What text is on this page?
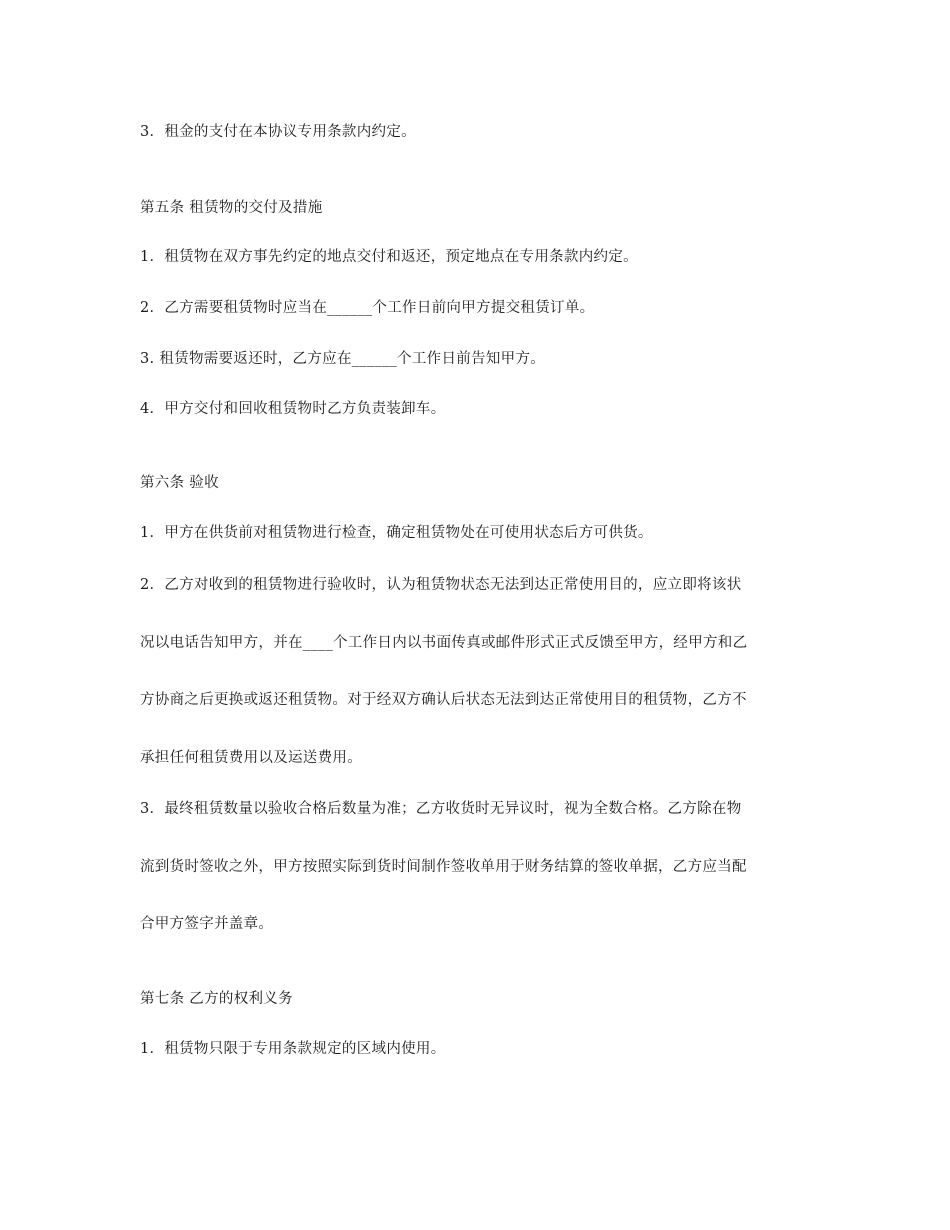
3．租金的支付在本协议专用条款内约定。
第五条 租赁物的交付及措施
1．租赁物在双方事先约定的地点交付和返还，预定地点在专用条款内约定。
2．乙方需要租赁物时应当在______个工作日前向甲方提交租赁订单。
3. 租赁物需要返还时，乙方应在______个工作日前告知甲方。
4．甲方交付和回收租赁物时乙方负责装卸车。
第六条 验收
1．甲方在供货前对租赁物进行检查，确定租赁物处在可使用状态后方可供货。
2．乙方对收到的租赁物进行验收时，认为租赁物状态无法到达正常使用目的，应立即将该状
况以电话告知甲方，并在____个工作日内以书面传真或邮件形式正式反馈至甲方，经甲方和乙
方协商之后更换或返还租赁物。对于经双方确认后状态无法到达正常使用目的租赁物，乙方不
承担任何租赁费用以及运送费用。
3．最终租赁数量以验收合格后数量为准；乙方收货时无异议时，视为全数合格。乙方除在物
流到货时签收之外，甲方按照实际到货时间制作签收单用于财务结算的签收单据，乙方应当配
合甲方签字并盖章。
第七条 乙方的权利义务
1．租赁物只限于专用条款规定的区域内使用。
